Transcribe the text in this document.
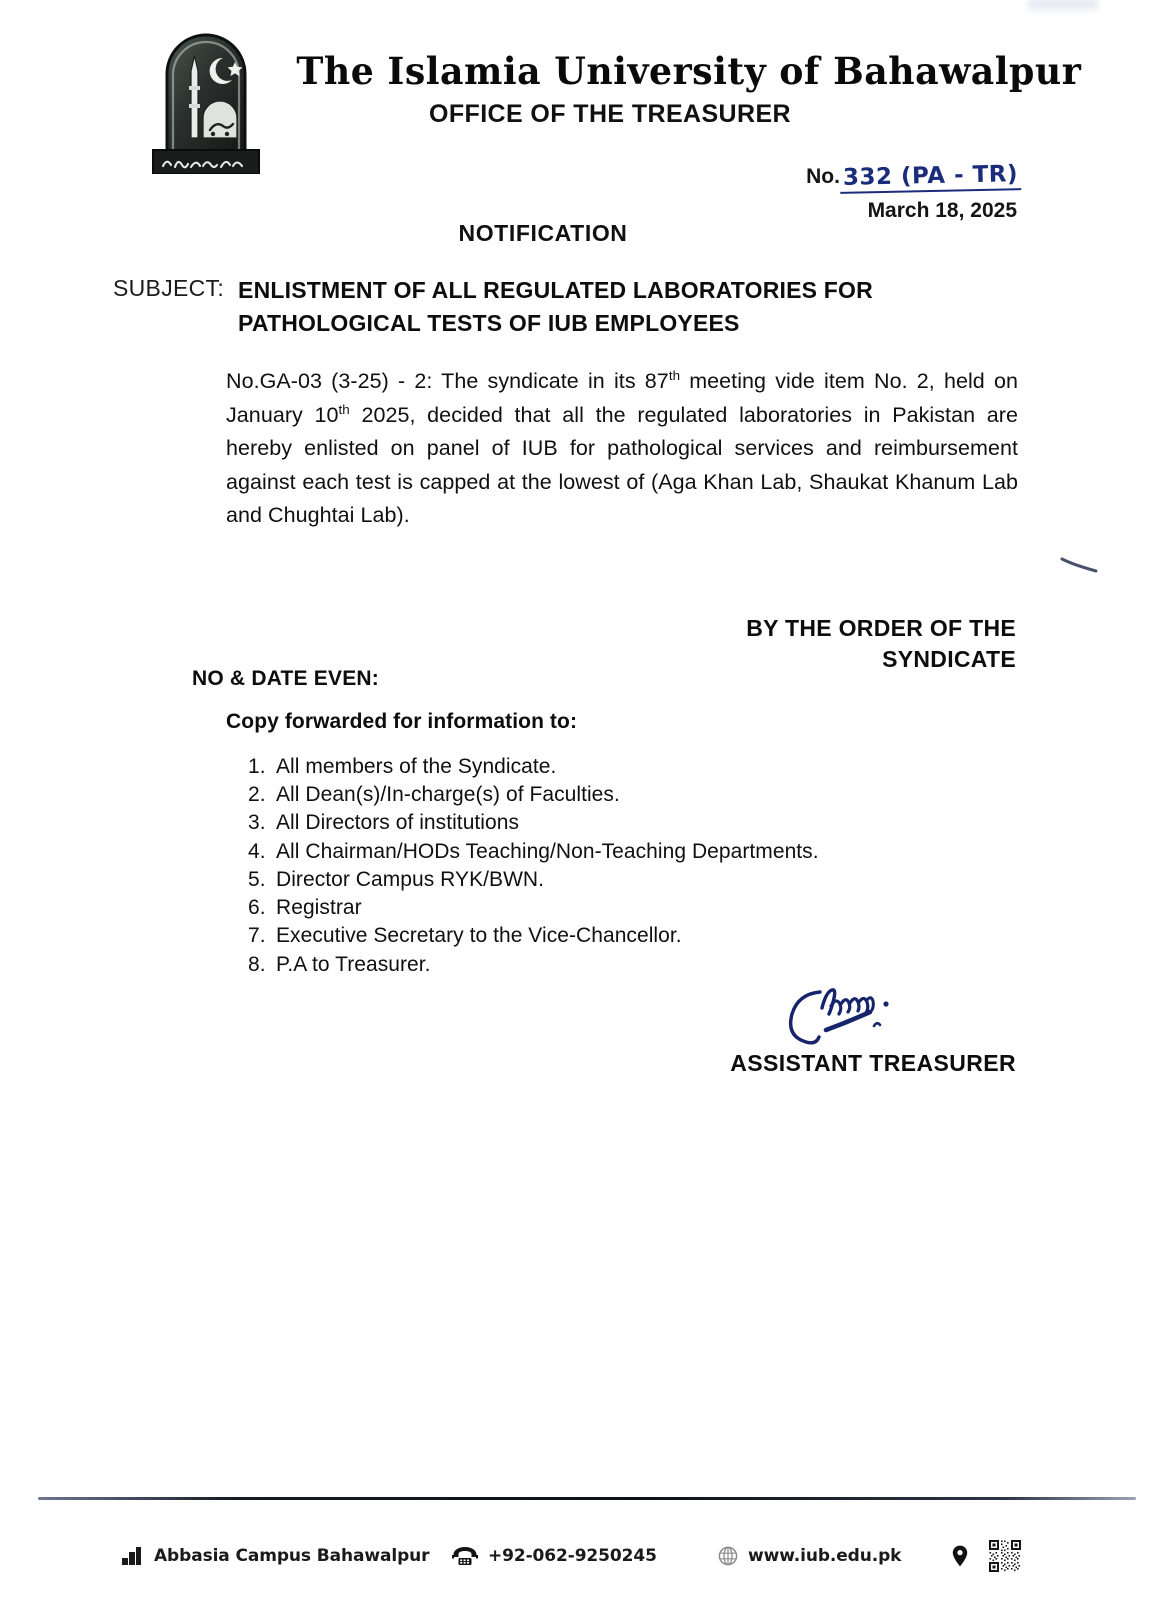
The Islamia University of Bahawalpur
OFFICE OF THE TREASURER
No. 332 (PA - TR)
March 18, 2025
NOTIFICATION
SUBJECT: ENLISTMENT OF ALL REGULATED LABORATORIES FOR PATHOLOGICAL TESTS OF IUB EMPLOYEES
No.GA-03 (3-25) - 2: The syndicate in its 87th meeting vide item No. 2, held on January 10th 2025, decided that all the regulated laboratories in Pakistan are hereby enlisted on panel of IUB for pathological services and reimbursement against each test is capped at the lowest of (Aga Khan Lab, Shaukat Khanum Lab and Chughtai Lab).
BY THE ORDER OF THE
SYNDICATE
NO & DATE EVEN:
Copy forwarded for information to:
1. All members of the Syndicate.
2. All Dean(s)/In-charge(s) of Faculties.
3. All Directors of institutions
4. All Chairman/HODs Teaching/Non-Teaching Departments.
5. Director Campus RYK/BWN.
6. Registrar
7. Executive Secretary to the Vice-Chancellor.
8. P.A to Treasurer.
ASSISTANT TREASURER
Abbasia Campus Bahawalpur	+92-062-9250245	www.iub.edu.pk
